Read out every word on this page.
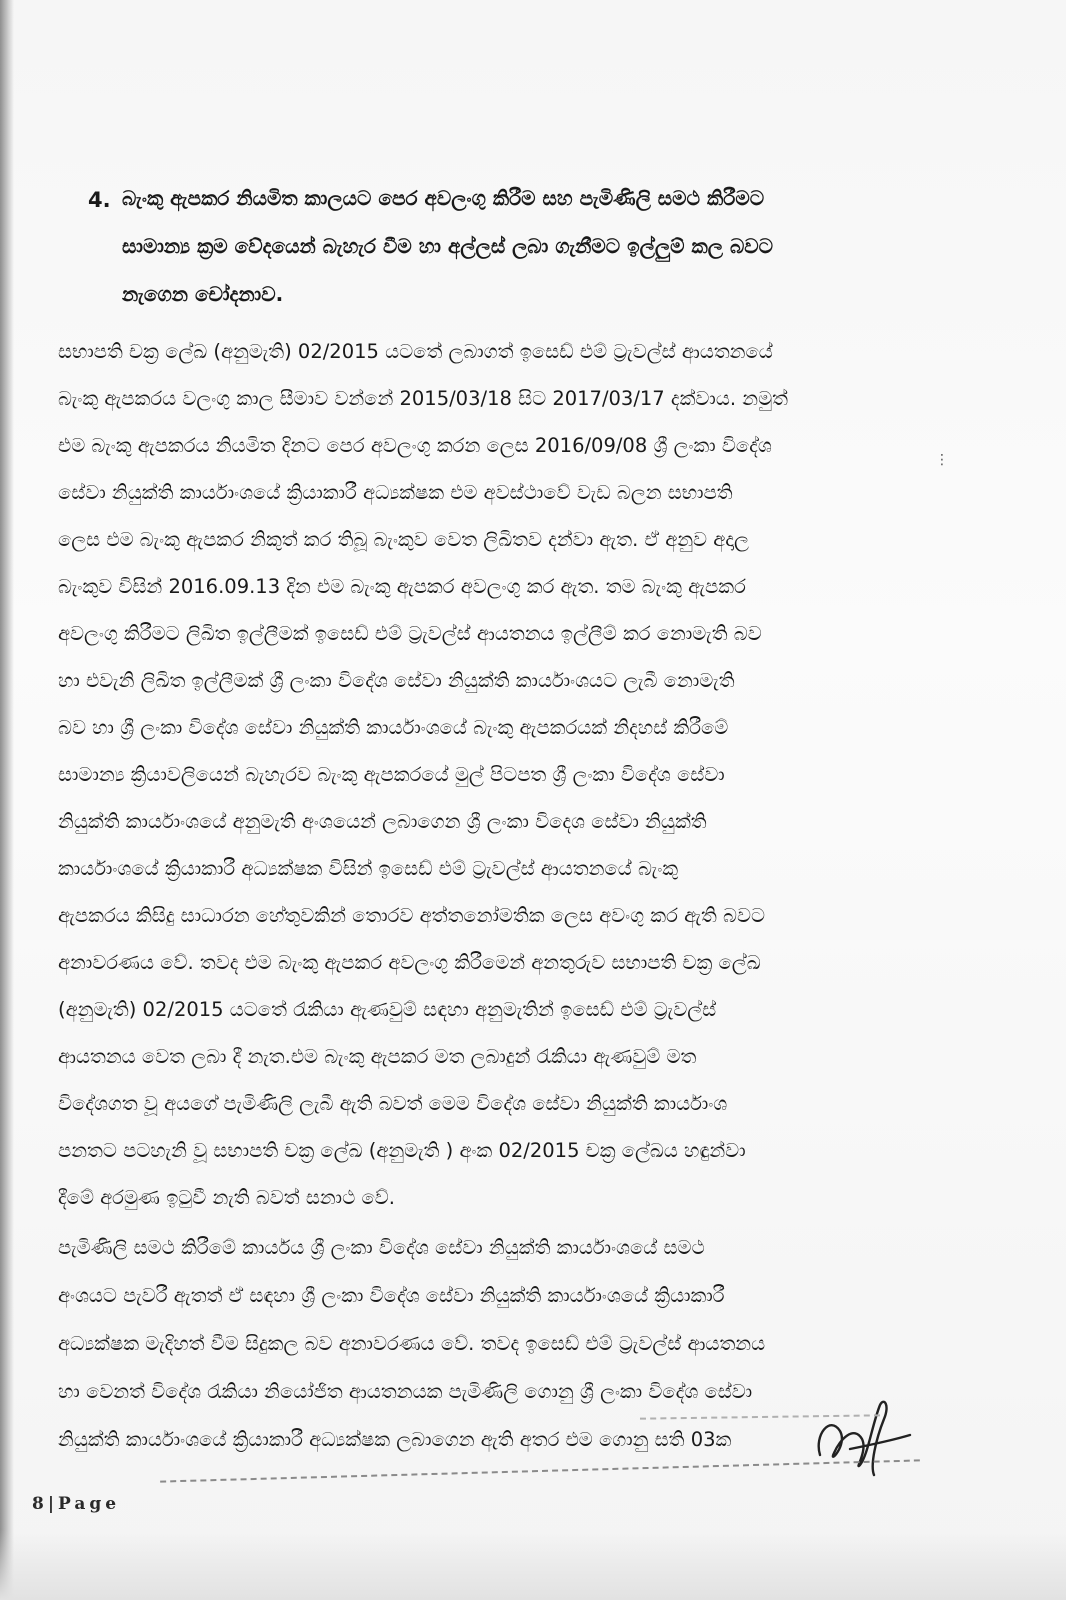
4. බැංකු ඇපකර නියමිත කාලයට පෙර අවලංගු කිරීම සහ පැමිණිලි සමථ කිරීමට
සාමාන්‍ය ක්‍රම වේදයෙන් බැහැර වීම හා අල්ලස් ලබා ගැනීමට ඉල්ලුම් කල බවට
නැගෙන චෝදනාව.
සභාපති චක්‍ර ලේඛ (අනුමැති) 02/2015 යටතේ ලබාගත් ඉසෙඩ් එම් ට්‍රැවල්ස් ආයතනයේ
බැංකු ඇපකරය වලංගු කාල සීමාව වන්නේ 2015/03/18 සිට 2017/03/17 දක්වාය. නමුත්
එම බැංකු ඇපකරය නියමිත දිනට පෙර අවලංගු කරන ලෙස 2016/09/08 ශ්‍රී ලංකා විදේශ
සේවා නියුක්ති කාර්යාංශයේ ක්‍රියාකාරී අධ්‍යක්ෂක එම අවස්ථාවේ වැඩ බලන සභාපති
ලෙස එම බැංකු ඇපකර නිකුත් කර තිබූ බැංකුව වෙත ලිඛිතව දන්වා ඇත. ඒ අනුව අදාල
බැංකුව විසින් 2016.09.13 දින එම බැංකු ඇපකර අවලංගු කර ඇත. තම බැංකු ඇපකර
අවලංගු කිරීමට ලිඛිත ඉල්ලීමක් ඉසෙඩ් එම් ට්‍රැවල්ස් ආයතනය ඉල්ලීම් කර නොමැති බව
හා එවැනි ලිඛිත ඉල්ලීමක් ශ්‍රී ලංකා විදේශ සේවා නියුක්ති කාර්යාංශයට ලැබී නොමැති
බව හා ශ්‍රී ලංකා විදේශ සේවා නියුක්ති කාර්යාංශයේ බැංකු ඇපකරයක් නිදහස් කිරීමේ
සාමාන්‍ය ක්‍රියාවලියෙන් බැහැරව බැංකු ඇපකරයේ මුල් පිටපත ශ්‍රී ලංකා විදේශ සේවා
නියුක්ති කාර්යාංශයේ අනුමැති අංශයෙන් ලබාගෙන ශ්‍රී ලංකා විදෙශ සේවා නියුක්ති
කාර්යාංශයේ ක්‍රියාකාරී අධ්‍යක්ෂක විසින් ඉසෙඩ් එම් ට්‍රැවල්ස් ආයතනයේ බැංකු
ඇපකරය කිසිදු සාධාරන හේතුවකින් තොරව අත්තනෝමතික ලෙස අවංගු කර ඇති බවට
අනාවරණය වේ. තවද එම බැංකු ඇපකර අවලංගු කිරීමෙන් අනතුරුව සභාපති චක්‍ර ලේඛ
(අනුමැති) 02/2015 යටතේ රැකියා ඇණවුම් සඳහා අනුමැතින් ඉසෙඩ් එම් ට්‍රැවල්ස්
ආයතනය වෙත ලබා දී නැත.එම බැංකු ඇපකර මත ලබාදුන් රැකියා ඇණවුම් මත
විදේශගත වූ අයගේ පැමිණිලි ලැබී ඇති බවත් මෙම විදේශ සේවා නියුක්ති කාර්යාංශ
පනතට පටහැනි වූ සභාපති චක්‍ර ලේඛ (අනුමැති ) අංක 02/2015 චක්‍ර ලේඛය හඳුන්වා
දීමේ අරමුණ ඉටුවී නැති බවත් සනාථ වේ.
පැමිණිලි සමථ කිරීමේ කාර්යය ශ්‍රී ලංකා විදේශ සේවා නියුක්ති කාර්යාංශයේ සමථ
අංශයට පැවරී ඇතත් ඒ සඳහා ශ්‍රී ලංකා විදේශ සේවා නියුක්ති කාර්යාංශයේ ක්‍රියාකාරී
අධ්‍යක්ෂක මැදිහත් වීම සිදුකල බව අනාවරණය වේ. තවද ඉසෙඩ් එම් ට්‍රැවල්ස් ආයතනය
හා වෙනත් විදේශ රැකියා නියෝජිත ආයතනයක පැමිණිලි ගොනු ශ්‍රී ලංකා විදේශ සේවා
නියුක්ති කාර්යාංශයේ ක්‍රියාකාරී අධ්‍යක්ෂක ලබාගෙන ඇති අතර එම ගොනු සති 03ක
⋮
8|Page
